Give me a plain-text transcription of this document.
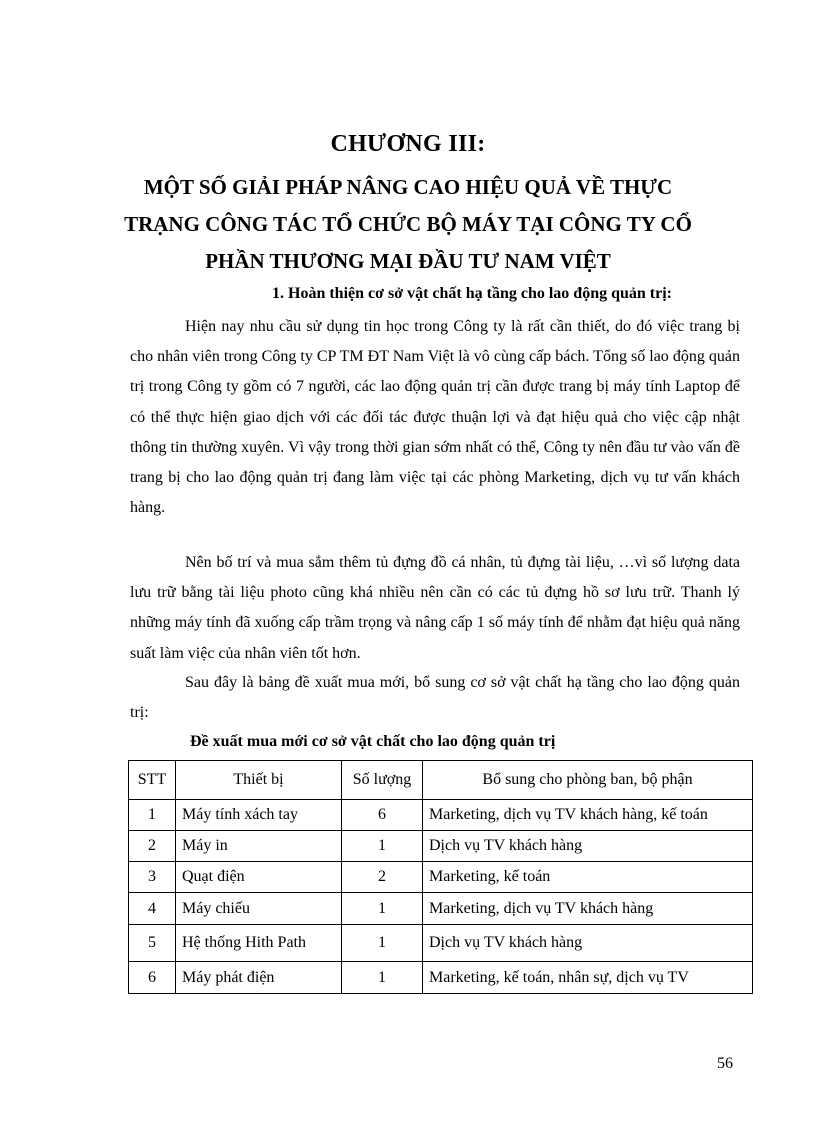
CHƯƠNG III:
MỘT SỐ GIẢI PHÁP NÂNG CAO HIỆU QUẢ VỀ THỰC
TRẠNG CÔNG TÁC TỔ CHỨC BỘ MÁY TẠI CÔNG TY CỔ
PHẦN THƯƠNG MẠI ĐẦU TƯ NAM VIỆT
1. Hoàn thiện cơ sở vật chất hạ tầng cho lao động quản trị:
Hiện nay nhu cầu sử dụng tin học trong Công ty là rất cần thiết, do đó việc trang bị cho nhân viên trong Công ty CP TM ĐT Nam Việt là vô cùng cấp bách. Tổng số lao động quản trị trong Công ty gồm có 7 người, các lao động quản trị cần được trang bị máy tính Laptop để có thể thực hiện giao dịch với các đối tác được thuận lợi và đạt hiệu quả cho việc cập nhật thông tin thường xuyên. Vì vậy trong thời gian sớm nhất có thể, Công ty nên đầu tư vào vấn đề trang bị cho lao động quản trị đang làm việc tại các phòng Marketing, dịch vụ tư vấn khách hàng.
Nên bố trí và mua sắm thêm tủ đựng đồ cá nhân, tủ đựng tài liệu, …vì số lượng data lưu trữ bằng tài liệu photo cũng khá nhiều nên cần có các tủ đựng hồ sơ lưu trữ. Thanh lý những máy tính đã xuống cấp trầm trọng và nâng cấp 1 số máy tính để nhằm đạt hiệu quả năng suất làm việc của nhân viên tốt hơn.
Sau đây là bảng đề xuất mua mới, bổ sung cơ sở vật chất hạ tầng cho lao động quản trị:
Đề xuất mua mới cơ sở vật chất cho lao động quản trị
STT	Thiết bị	Số lượng	Bổ sung cho phòng ban, bộ phận
1	Máy tính xách tay	6	Marketing, dịch vụ TV khách hàng, kế toán
2	Máy in	1	Dịch vụ TV khách hàng
3	Quạt điện	2	Marketing, kế toán
4	Máy chiếu	1	Marketing, dịch vụ TV khách hàng
5	Hệ thống Hith Path	1	Dịch vụ TV khách hàng
6	Máy phát điện	1	Marketing, kế toán, nhân sự, dịch vụ TV
56
